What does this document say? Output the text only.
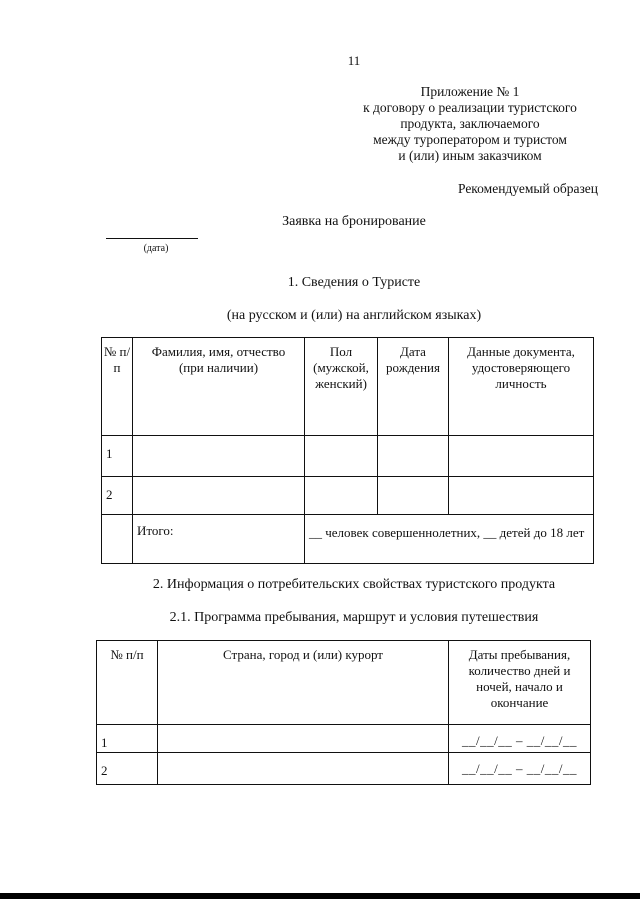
11
Приложение № 1
к договору о реализации туристского
продукта, заключаемого
между туроператором и туристом
и (или) иным заказчиком
Рекомендуемый образец
Заявка на бронирование
(дата)
1. Сведения о Туристе
(на русском и (или) на английском языках)
№ п/п	Фамилия, имя, отчество (при наличии)	Пол (мужской, женский)	Дата рождения	Данные документа, удостоверяющего личность
1				
2				
	Итого:	__ человек совершеннолетних, __ детей до 18 лет		
2. Информация о потребительских свойствах туристского продукта
2.1. Программа пребывания, маршрут и условия путешествия
№ п/п	Страна, город и (или) курорт	Даты пребывания, количество дней и ночей, начало и окончание
1		__/__/__ – __/__/__
2		__/__/__ – __/__/__
